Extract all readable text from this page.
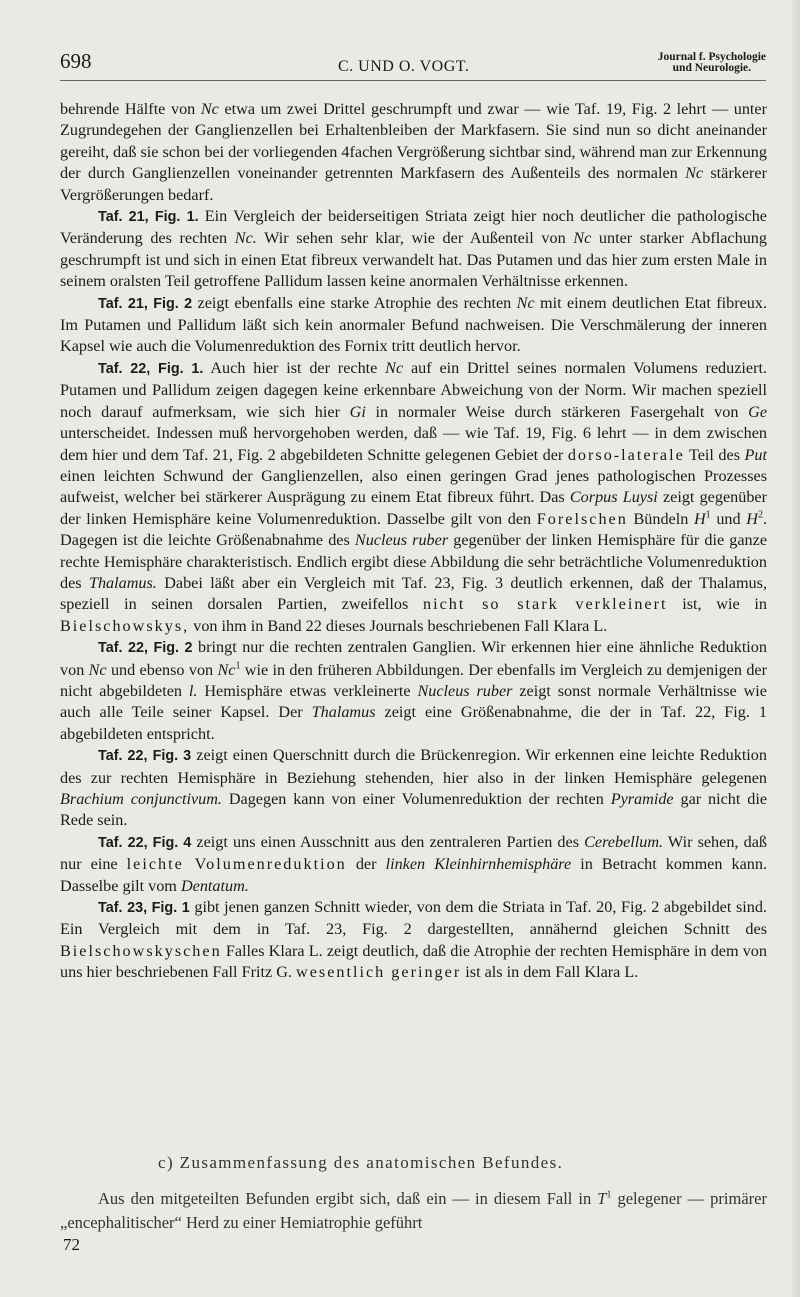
698	C. UND O. VOGT.
Journal f. Psychologie
und Neurologie.

behrende Hälfte von Nc etwa um zwei Drittel geschrumpft und zwar — wie Taf. 19, Fig. 2 lehrt — unter Zugrundegehen der Ganglienzellen bei Erhaltenbleiben der Markfasern. Sie sind nun so dicht aneinander gereiht, daß sie schon bei der vorliegenden 4fachen Vergrößerung sichtbar sind, während man zur Erkennung der durch Ganglienzellen voneinander getrennten Markfasern des Außenteils des normalen Nc stärkerer Vergrößerungen bedarf.

Taf. 21, Fig. 1. Ein Vergleich der beiderseitigen Striata zeigt hier noch deutlicher die pathologische Veränderung des rechten Nc. Wir sehen sehr klar, wie der Außenteil von Nc unter starker Abflachung geschrumpft ist und sich in einen Etat fibreux verwandelt hat. Das Putamen und das hier zum ersten Male in seinem oralsten Teil getroffene Pallidum lassen keine anormalen Verhältnisse erkennen.

Taf. 21, Fig. 2 zeigt ebenfalls eine starke Atrophie des rechten Nc mit einem deutlichen Etat fibreux. Im Putamen und Pallidum läßt sich kein anormaler Befund nachweisen. Die Verschmälerung der inneren Kapsel wie auch die Volumenreduktion des Fornix tritt deutlich hervor.

Taf. 22, Fig. 1. Auch hier ist der rechte Nc auf ein Drittel seines normalen Volumens reduziert. Putamen und Pallidum zeigen dagegen keine erkennbare Abweichung von der Norm. Wir machen speziell noch darauf aufmerksam, wie sich hier Gi in normaler Weise durch stärkeren Fasergehalt von Ge unterscheidet. Indessen muß hervorgehoben werden, daß — wie Taf. 19, Fig. 6 lehrt — in dem zwischen dem hier und dem Taf. 21, Fig. 2 abgebildeten Schnitte gelegenen Gebiet der dorso-laterale Teil des Put einen leichten Schwund der Ganglienzellen, also einen geringen Grad jenes pathologischen Prozesses aufweist, welcher bei stärkerer Ausprägung zu einem Etat fibreux führt. Das Corpus Luysi zeigt gegenüber der linken Hemisphäre keine Volumenreduktion. Dasselbe gilt von den Forelschen Bündeln $H^1$ und $H^2$. Dagegen ist die leichte Größenabnahme des Nucleus ruber gegenüber der linken Hemisphäre für die ganze rechte Hemisphäre charakteristisch. Endlich ergibt diese Abbildung die sehr beträchtliche Volumenreduktion des Thalamus. Dabei läßt aber ein Vergleich mit Taf. 23, Fig. 3 deutlich erkennen, daß der Thalamus, speziell in seinen dorsalen Partien, zweifellos nicht so stark verkleinert ist, wie in Bielschowskys, von ihm in Band 22 dieses Journals beschriebenen Fall Klara L.

Taf. 22, Fig. 2 bringt nur die rechten zentralen Ganglien. Wir erkennen hier eine ähnliche Reduktion von Nc und ebenso von Nc$^1$ wie in den früheren Abbildungen. Der ebenfalls im Vergleich zu demjenigen der nicht abgebildeten l. Hemisphäre etwas verkleinerte Nucleus ruber zeigt sonst normale Verhältnisse wie auch alle Teile seiner Kapsel. Der Thalamus zeigt eine Größenabnahme, die der in Taf. 22, Fig. 1 abgebildeten entspricht.

Taf. 22, Fig. 3 zeigt einen Querschnitt durch die Brückenregion. Wir erkennen eine leichte Reduktion des zur rechten Hemisphäre in Beziehung stehenden, hier also in der linken Hemisphäre gelegenen Brachium conjunctivum. Dagegen kann von einer Volumenreduktion der rechten Pyramide gar nicht die Rede sein.

Taf. 22, Fig. 4 zeigt uns einen Ausschnitt aus den zentraleren Partien des Cerebellum. Wir sehen, daß nur eine leichte Volumenreduktion der linken Kleinhirnhemisphäre in Betracht kommen kann. Dasselbe gilt vom Dentatum.

Taf. 23, Fig. 1 gibt jenen ganzen Schnitt wieder, von dem die Striata in Taf. 20, Fig. 2 abgebildet sind. Ein Vergleich mit dem in Taf. 23, Fig. 2 dargestellten, annähernd gleichen Schnitt des Bielschowskyschen Falles Klara L. zeigt deutlich, daß die Atrophie der rechten Hemisphäre in dem von uns hier beschriebenen Fall Fritz G. wesentlich geringer ist als in dem Fall Klara L.

c) Zusammenfassung des anatomischen Befundes.

Aus den mitgeteilten Befunden ergibt sich, daß ein — in diesem Fall in $T^1$ gelegener — primärer „encephalitischer“ Herd zu einer Hemiatrophie geführt

72
